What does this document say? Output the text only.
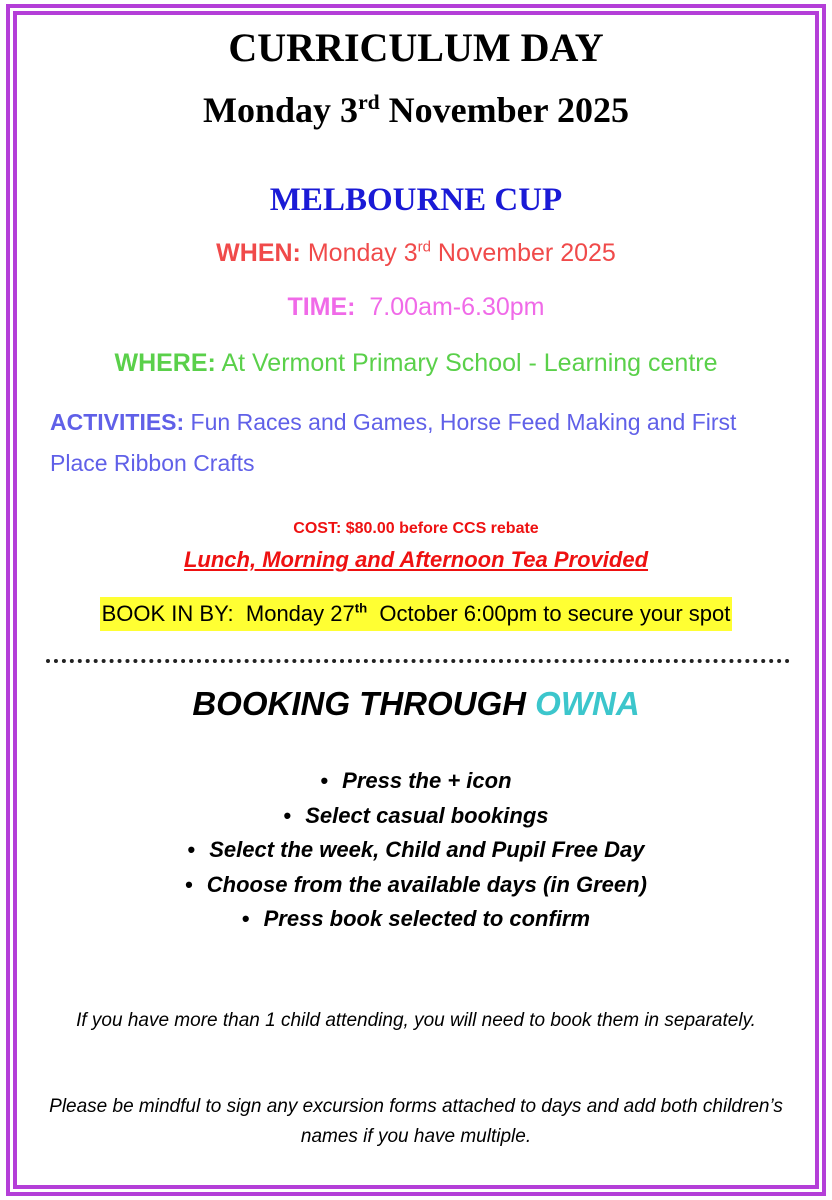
CURRICULUM DAY
Monday 3rd November 2025
MELBOURNE CUP

WHEN: Monday 3rd November 2025

TIME:  7.00am-6.30pm

WHERE: At Vermont Primary School - Learning centre

ACTIVITIES: Fun Races and Games, Horse Feed Making and First Place Ribbon Crafts

COST: $80.00 before CCS rebate

Lunch, Morning and Afternoon Tea Provided

BOOK IN BY:  Monday 27th  October 6:00pm to secure your spot
BOOKING THROUGH OWNA
• Press the + icon
• Select casual bookings
• Select the week, Child and Pupil Free Day
• Choose from the available days (in Green)
• Press book selected to confirm

If you have more than 1 child attending, you will need to book them in separately.

Please be mindful to sign any excursion forms attached to days and add both children’s names if you have multiple.
